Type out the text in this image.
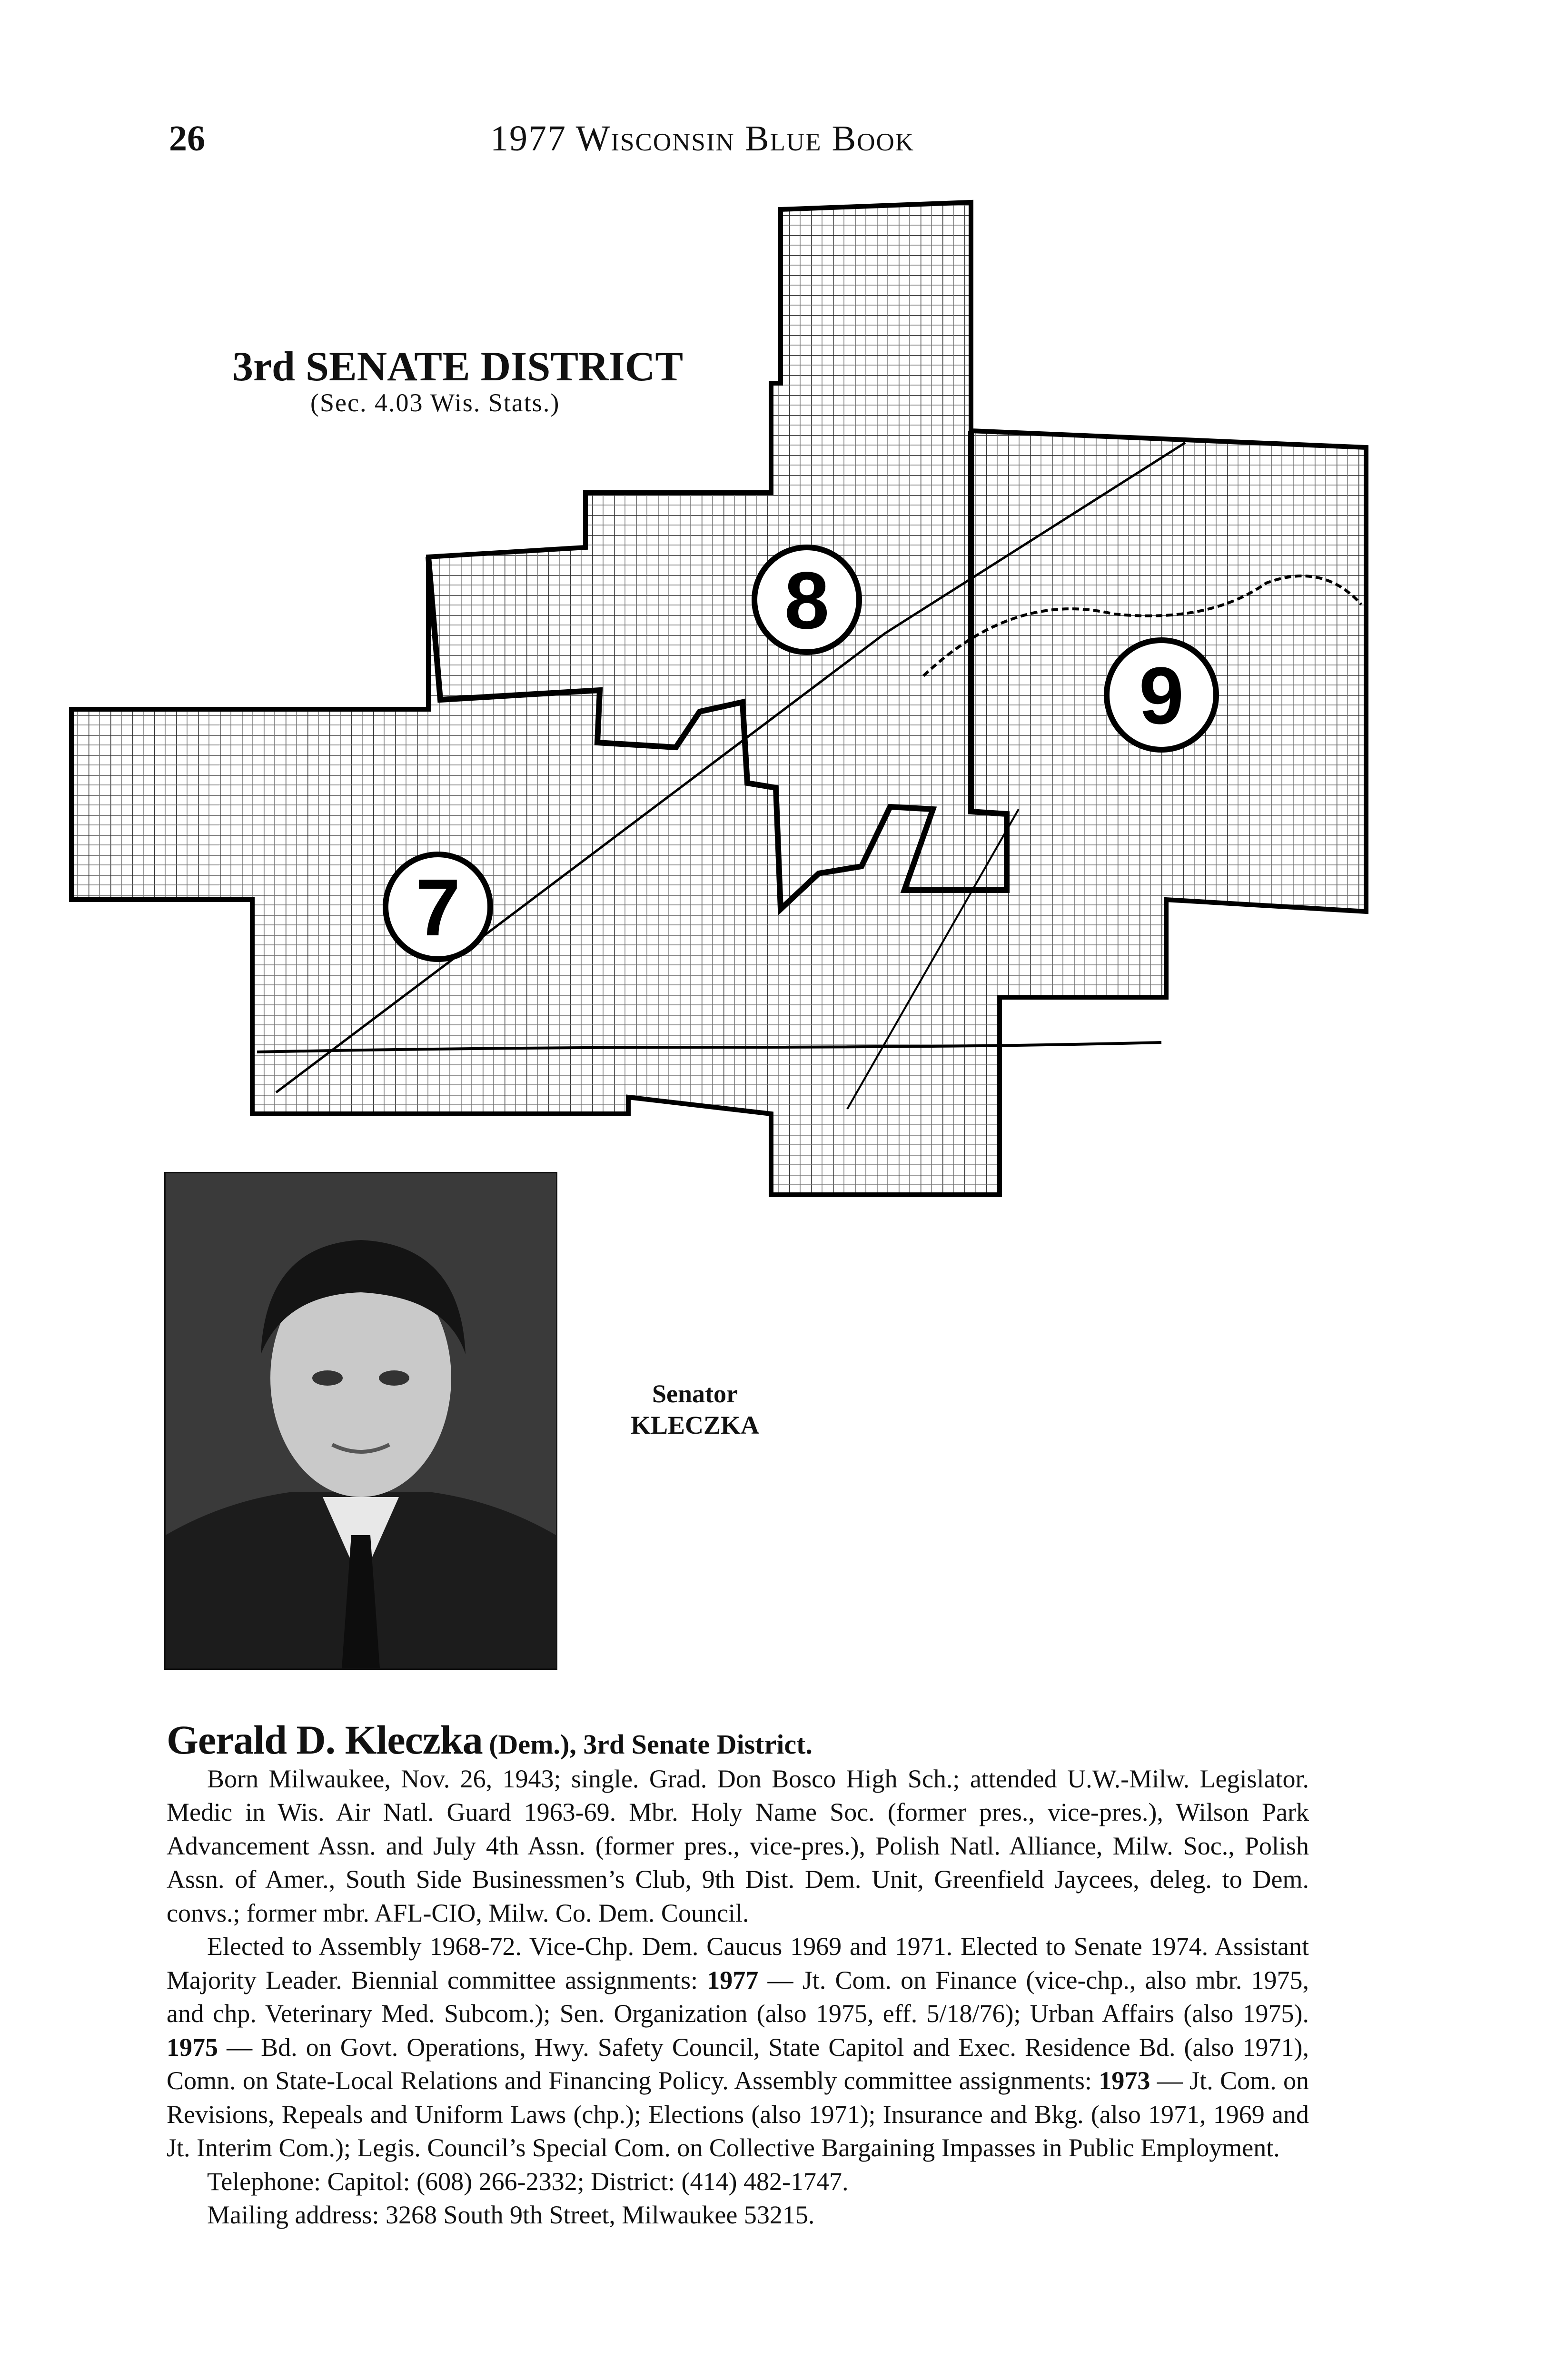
26	1977 Wisconsin Blue Book
7
8
9
3rd SENATE DISTRICT
(Sec. 4.03 Wis. Stats.)
Senator
KLECZKA
Gerald D. Kleczka (Dem.), 3rd Senate District.

Born Milwaukee, Nov. 26, 1943; single. Grad. Don Bosco High Sch.; attended U.W.-Milw. Legislator. Medic in Wis. Air Natl. Guard 1963-69. Mbr. Holy Name Soc. (former pres., vice-pres.), Wilson Park Advancement Assn. and July 4th Assn. (former pres., vice-pres.), Polish Natl. Alliance, Milw. Soc., Polish Assn. of Amer., South Side Businessmen’s Club, 9th Dist. Dem. Unit, Greenfield Jaycees, deleg. to Dem. convs.; former mbr. AFL-CIO, Milw. Co. Dem. Council.

Elected to Assembly 1968-72. Vice-Chp. Dem. Caucus 1969 and 1971. Elected to Senate 1974. Assistant Majority Leader. Biennial committee assignments: 1977 — Jt. Com. on Finance (vice-chp., also mbr. 1975, and chp. Veterinary Med. Subcom.); Sen. Organization (also 1975, eff. 5/18/76); Urban Affairs (also 1975). 1975 — Bd. on Govt. Operations, Hwy. Safety Council, State Capitol and Exec. Residence Bd. (also 1971), Comn. on State-Local Relations and Financing Policy. Assembly committee assignments: 1973 — Jt. Com. on Revisions, Repeals and Uniform Laws (chp.); Elections (also 1971); Insurance and Bkg. (also 1971, 1969 and Jt. Interim Com.); Legis. Council’s Special Com. on Collective Bargaining Impasses in Public Employment.

Telephone: Capitol: (608) 266-2332; District: (414) 482-1747.

Mailing address: 3268 South 9th Street, Milwaukee 53215.
